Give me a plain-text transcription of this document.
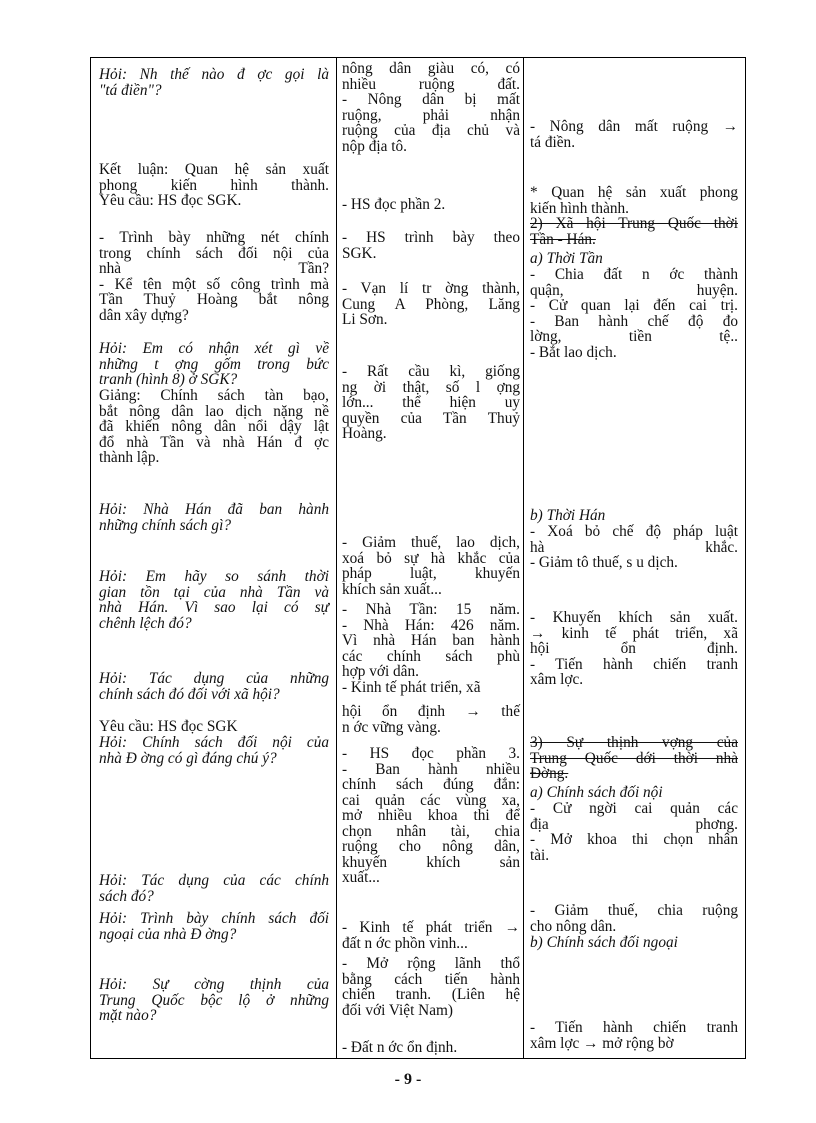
Hỏi: Nh thế nào đ ợc gọi là
"tá điền"?
Kết luận: Quan hệ sản xuất
phong kiến hình thành.
Yêu cầu: HS đọc SGK.
- Trình bày những nét chính
trong chính sách đối nội của
nhà Tần?
- Kể tên một số công trình mà
Tần Thuỷ Hoàng bắt nông
dân xây dựng?
Hỏi: Em có nhận xét gì về
những t ợng gốm trong bức
tranh (hình 8) ở SGK?
Giảng: Chính sách tàn bạo,
bắt nông dân lao dịch nặng nề
đã khiến nông dân nổi dậy lật
đổ nhà Tần và nhà Hán đ ợc
thành lập.
Hỏi: Nhà Hán đã ban hành
những chính sách gì?
Hỏi: Em hãy so sánh thời
gian tồn tại của nhà Tần và
nhà Hán. Vì sao lại có sự
chênh lệch đó?
Hỏi: Tác dụng của những
chính sách đó đối với xã hội?
Yêu cầu: HS đọc SGK
Hỏi: Chính sách đối nội của
nhà Đ ờng có gì đáng chú ý?
Hỏi: Tác dụng của các chính
sách đó?
Hỏi: Trình bày chính sách đối
ngoại của nhà Đ ờng?
Hỏi: Sự cờng thịnh của
Trung Quốc bộc lộ ở những
mặt nào?
nông dân giàu có, có
nhiều ruộng đất.
- Nông dân bị mất
ruộng, phải nhận
ruộng của địa chủ và
nộp địa tô.
- HS đọc phần 2.
- HS trình bày theo
SGK.
- Vạn lí tr ờng thành,
Cung A Phòng, Lăng
Li Sơn.
- Rất cầu kì, giống
ng ời thật, số l ợng
lớn... thể hiện uy
quyền của Tần Thuỷ
Hoàng.
- Giảm thuế, lao dịch,
xoá bỏ sự hà khắc của
pháp luật, khuyến
khích sản xuất...
- Nhà Tần: 15 năm.
- Nhà Hán: 426 năm.
Vì nhà Hán ban hành
các chính sách phù
hợp với dân.
- Kinh tế phát triển, xã
hội ổn định → thế
n ớc vững vàng.
- HS đọc phần 3.
- Ban hành nhiều
chính sách đúng đắn:
cai quản các vùng xa,
mở nhiều khoa thi để
chọn nhân tài, chia
ruộng cho nông dân,
khuyến khích sản
xuất...
- Kinh tế phát triển →
đất n ớc phồn vinh...
- Mở rộng lãnh thổ
bằng cách tiến hành
chiến tranh. (Liên hệ
đối với Việt Nam)
- Đất n ớc ổn định.
- Nông dân mất ruộng →
tá điền.
* Quan hệ sản xuất phong
kiến hình thành.
2) Xã hội Trung Quốc thời
Tần - Hán.
a) Thời Tần
- Chia đất n ớc thành
quận, huyện.
- Cử quan lại đến cai trị.
- Ban hành chế độ đo
lờng, tiền tệ..
- Bắt lao dịch.
b) Thời Hán
- Xoá bỏ chế độ pháp luật
hà khắc.
- Giảm tô thuế, s u dịch.
- Khuyến khích sản xuất.
→ kinh tế phát triển, xã
hội ổn định.
- Tiến hành chiến tranh
xâm lợc.
3) Sự thịnh vợng của
Trung Quốc dới thời nhà
Đờng.
a) Chính sách đối nội
- Cử ngời cai quản các
địa phơng.
- Mở khoa thi chọn nhân
tài.
- Giảm thuế, chia ruộng
cho nông dân.
b) Chính sách đối ngoại
- Tiến hành chiến tranh
xâm lợc → mở rộng bờ
- 9 -
